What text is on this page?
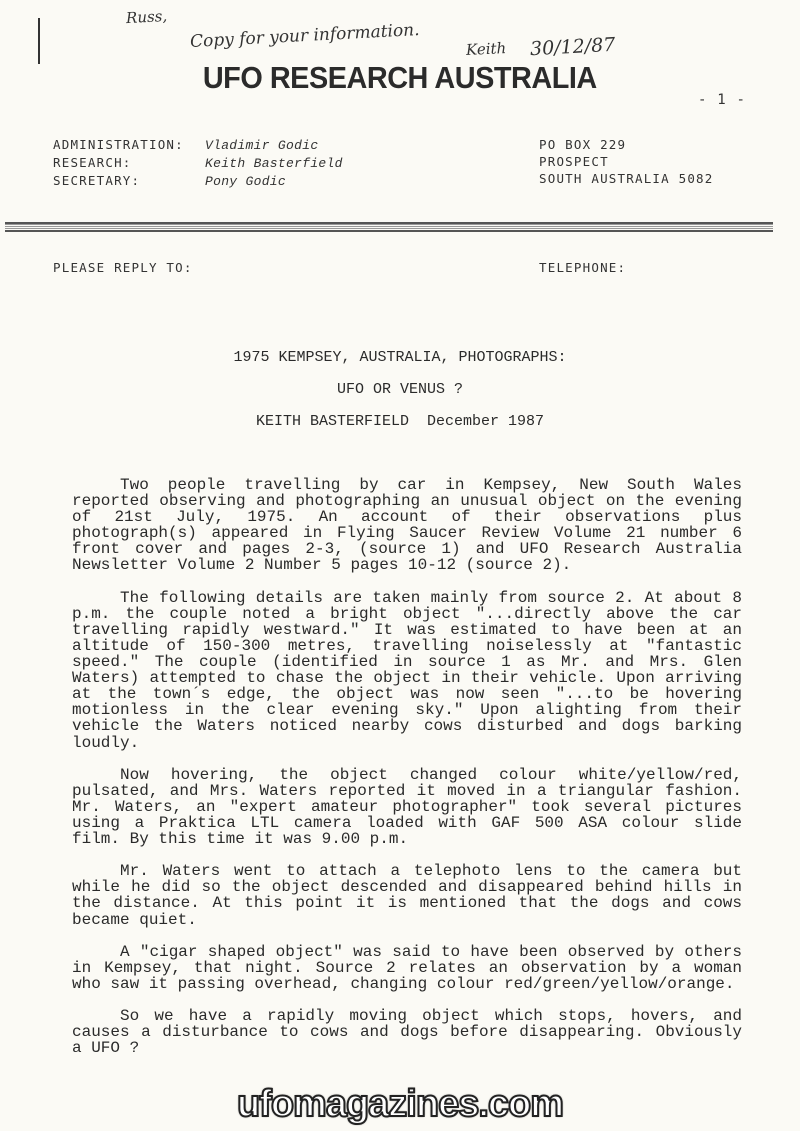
Russ,
Copy for your information.	Keith 30/12/87
UFO RESEARCH AUSTRALIA
- 1 -
ADMINISTRATION: Vladimir Godic
RESEARCH:	Keith Basterfield
SECRETARY:	Pony Godic
PO BOX 229
PROSPECT
SOUTH AUSTRALIA 5082
PLEASE REPLY TO:	TELEPHONE:
1975 KEMPSEY, AUSTRALIA, PHOTOGRAPHS:
UFO OR VENUS ?
KEITH BASTERFIELD  December 1987
Two people travelling by car in Kempsey, New South Wales
reported observing and photographing an unusual object on the evening
of 21st July, 1975. An account of their observations plus
photograph(s) appeared in Flying Saucer Review Volume 21 number 6
front cover and pages 2-3, (source 1) and UFO Research Australia
Newsletter Volume 2 Number 5 pages 10-12 (source 2).
The following details are taken mainly from source 2. At about 8
p.m. the couple noted a bright object "...directly above the car
travelling rapidly westward." It was estimated to have been at an
altitude of 150-300 metres, travelling noiselessly at "fantastic
speed." The couple (identified in source 1 as Mr. and Mrs. Glen
Waters) attempted to chase the object in their vehicle. Upon arriving
at the town´s edge, the object was now seen "...to be hovering
motionless in the clear evening sky." Upon alighting from their
vehicle the Waters noticed nearby cows disturbed and dogs barking
loudly.
Now hovering, the object changed colour white/yellow/red,
pulsated, and Mrs. Waters reported it moved in a triangular fashion.
Mr. Waters, an "expert amateur photographer" took several pictures
using a Praktica LTL camera loaded with GAF 500 ASA colour slide
film. By this time it was 9.00 p.m.
Mr. Waters went to attach a telephoto lens to the camera but
while he did so the object descended and disappeared behind hills in
the distance. At this point it is mentioned that the dogs and cows
became quiet.
A "cigar shaped object" was said to have been observed by others
in Kempsey, that night. Source 2 relates an observation by a woman
who saw it passing overhead, changing colour red/green/yellow/orange.
So we have a rapidly moving object which stops, hovers, and
causes a disturbance to cows and dogs before disappearing. Obviously
a UFO ?
ufomagazines.com
